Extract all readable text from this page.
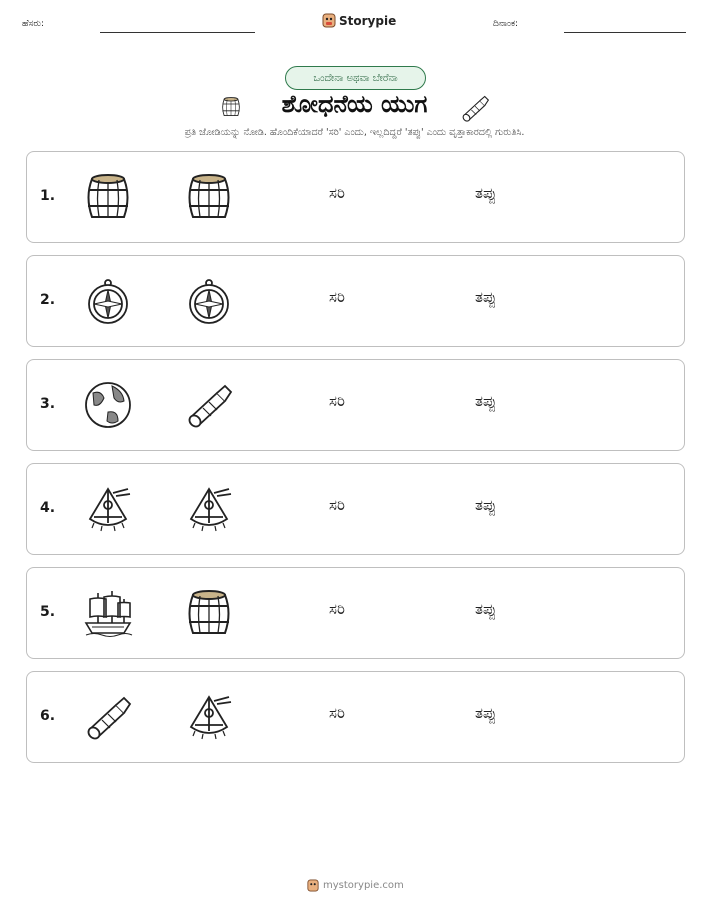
ಹೆಸರು:	Storypie	ದಿನಾಂಕ:
ಒಂದೇನಾ ಅಥವಾ ಬೇರೆನಾ
ಶೋಧನೆಯ ಯುಗ
ಪ್ರತಿ ಜೋಡಿಯನ್ನು ನೋಡಿ. ಹೊಂದಿಕೆಯಾದರೆ 'ಸರಿ' ಎಂದು, ಇಲ್ಲದಿದ್ದರೆ 'ತಪ್ಪು' ಎಂದು ವೃತ್ತಾಕಾರದಲ್ಲಿ ಗುರುತಿಸಿ.
1.	ಸರಿ	ತಪ್ಪು
2.	ಸರಿ	ತಪ್ಪು
3.	ಸರಿ	ತಪ್ಪು
4.	ಸರಿ	ತಪ್ಪು
5.	ಸರಿ	ತಪ್ಪು
6.	ಸರಿ	ತಪ್ಪು
mystorypie.com
